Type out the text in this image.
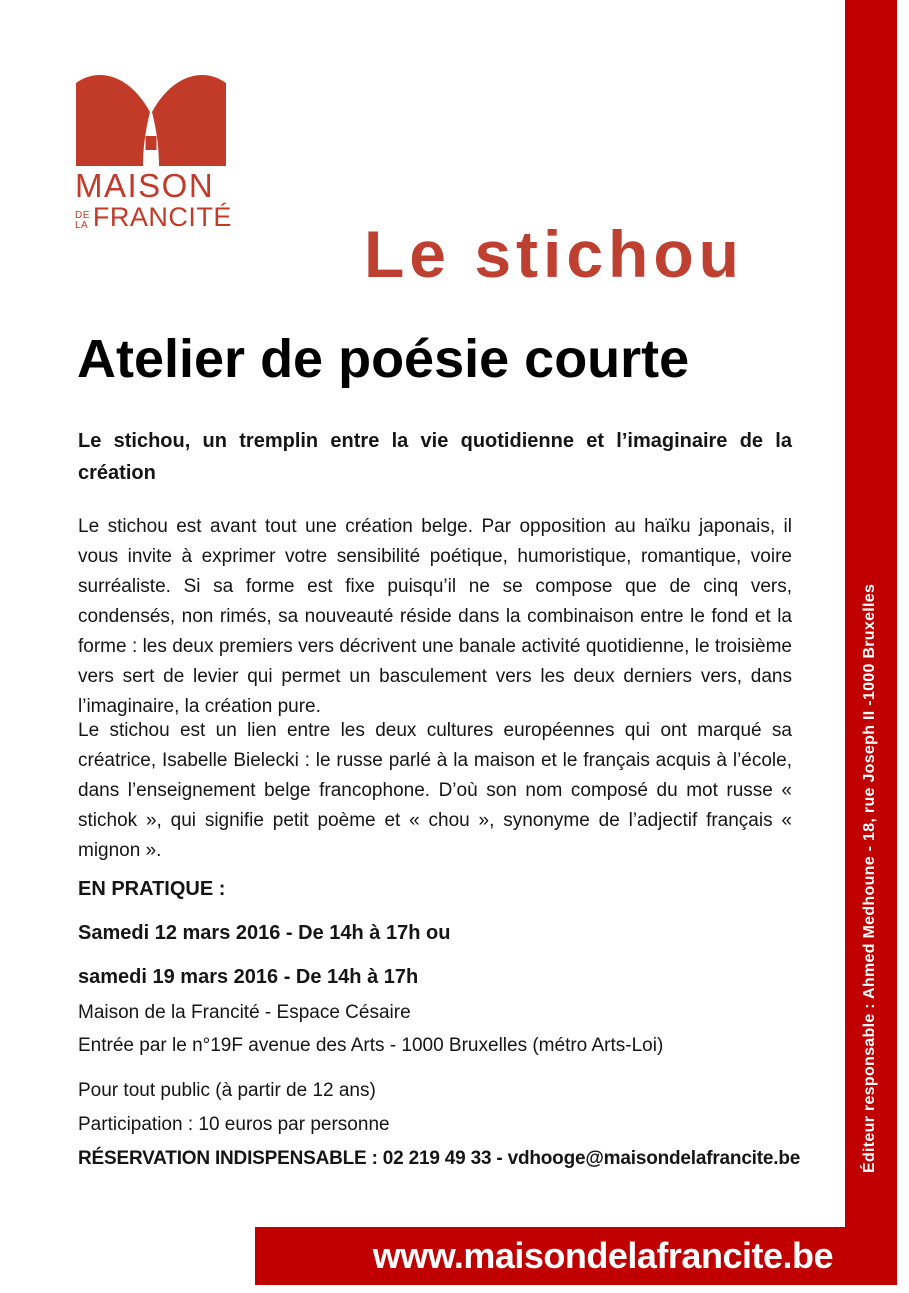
Éditeur responsable : Ahmed Medhoune - 18, rue Joseph II -1000 Bruxelles
www.maisondelafrancite.be
MAISON
DE
LA FRANCITÉ	Le stichou
Atelier de poésie courte
Le stichou, un tremplin entre la vie quotidienne et l’imaginaire de la création
Le stichou est avant tout une création belge. Par opposition au haïku japonais, il vous invite à exprimer votre sensibilité poétique, humoristique, romantique, voire surréaliste. Si sa forme est fixe puisqu’il ne se compose que de cinq vers, condensés, non rimés, sa nouveauté réside dans la combinaison entre le fond et la forme : les deux premiers vers décrivent une banale activité quotidienne, le troisième vers sert de levier qui permet un basculement vers les deux derniers vers, dans l’imaginaire, la création pure.
Le stichou est un lien entre les deux cultures européennes qui ont marqué sa créatrice, Isabelle Bielecki : le russe parlé à la maison et le français acquis à l’école, dans l’enseignement belge francophone. D’où son nom composé du mot russe « stichok », qui signifie petit poème et « chou », synonyme de l’adjectif français « mignon ».
EN PRATIQUE :
Samedi 12 mars 2016 - De 14h à 17h ou
samedi 19 mars 2016 - De 14h à 17h
Maison de la Francité - Espace Césaire
Entrée par le n°19F avenue des Arts - 1000 Bruxelles (métro Arts-Loi)
Pour tout public (à partir de 12 ans)
Participation : 10 euros par personne
RÉSERVATION INDISPENSABLE : 02 219 49 33 - vdhooge@maisondelafrancite.be
